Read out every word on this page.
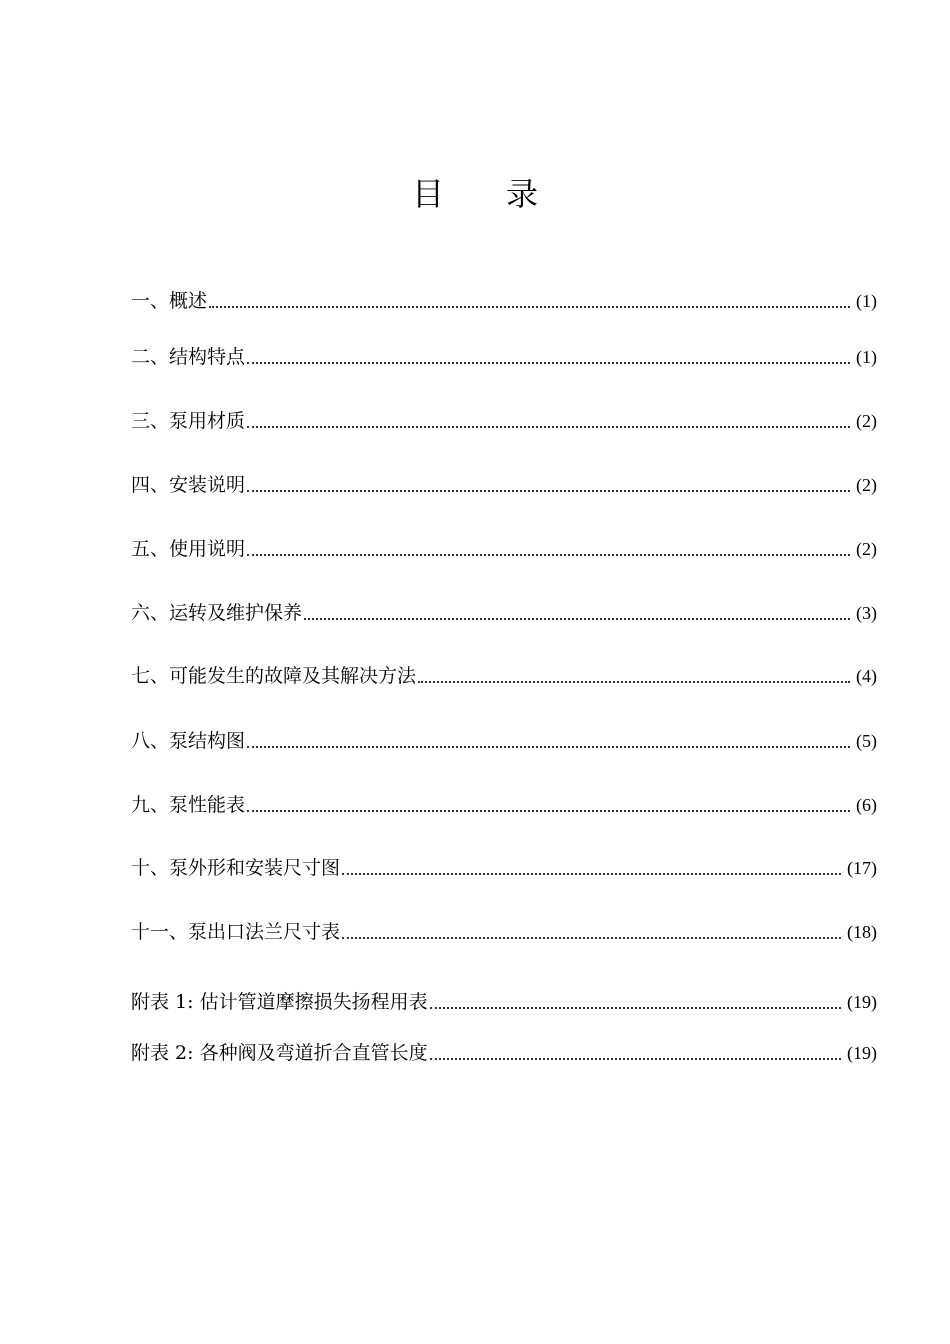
目 录
一、概述	(1)
二、结构特点	(1)
三、泵用材质	(2)
四、安装说明	(2)
五、使用说明	(2)
六、运转及维护保养	(3)
七、可能发生的故障及其解决方法	(4)
八、泵结构图	(5)
九、泵性能表	(6)
十、泵外形和安装尺寸图	(17)
十一、泵出口法兰尺寸表	(18)
附表 1: 估计管道摩擦损失扬程用表	(19)
附表 2: 各种阀及弯道折合直管长度	(19)
